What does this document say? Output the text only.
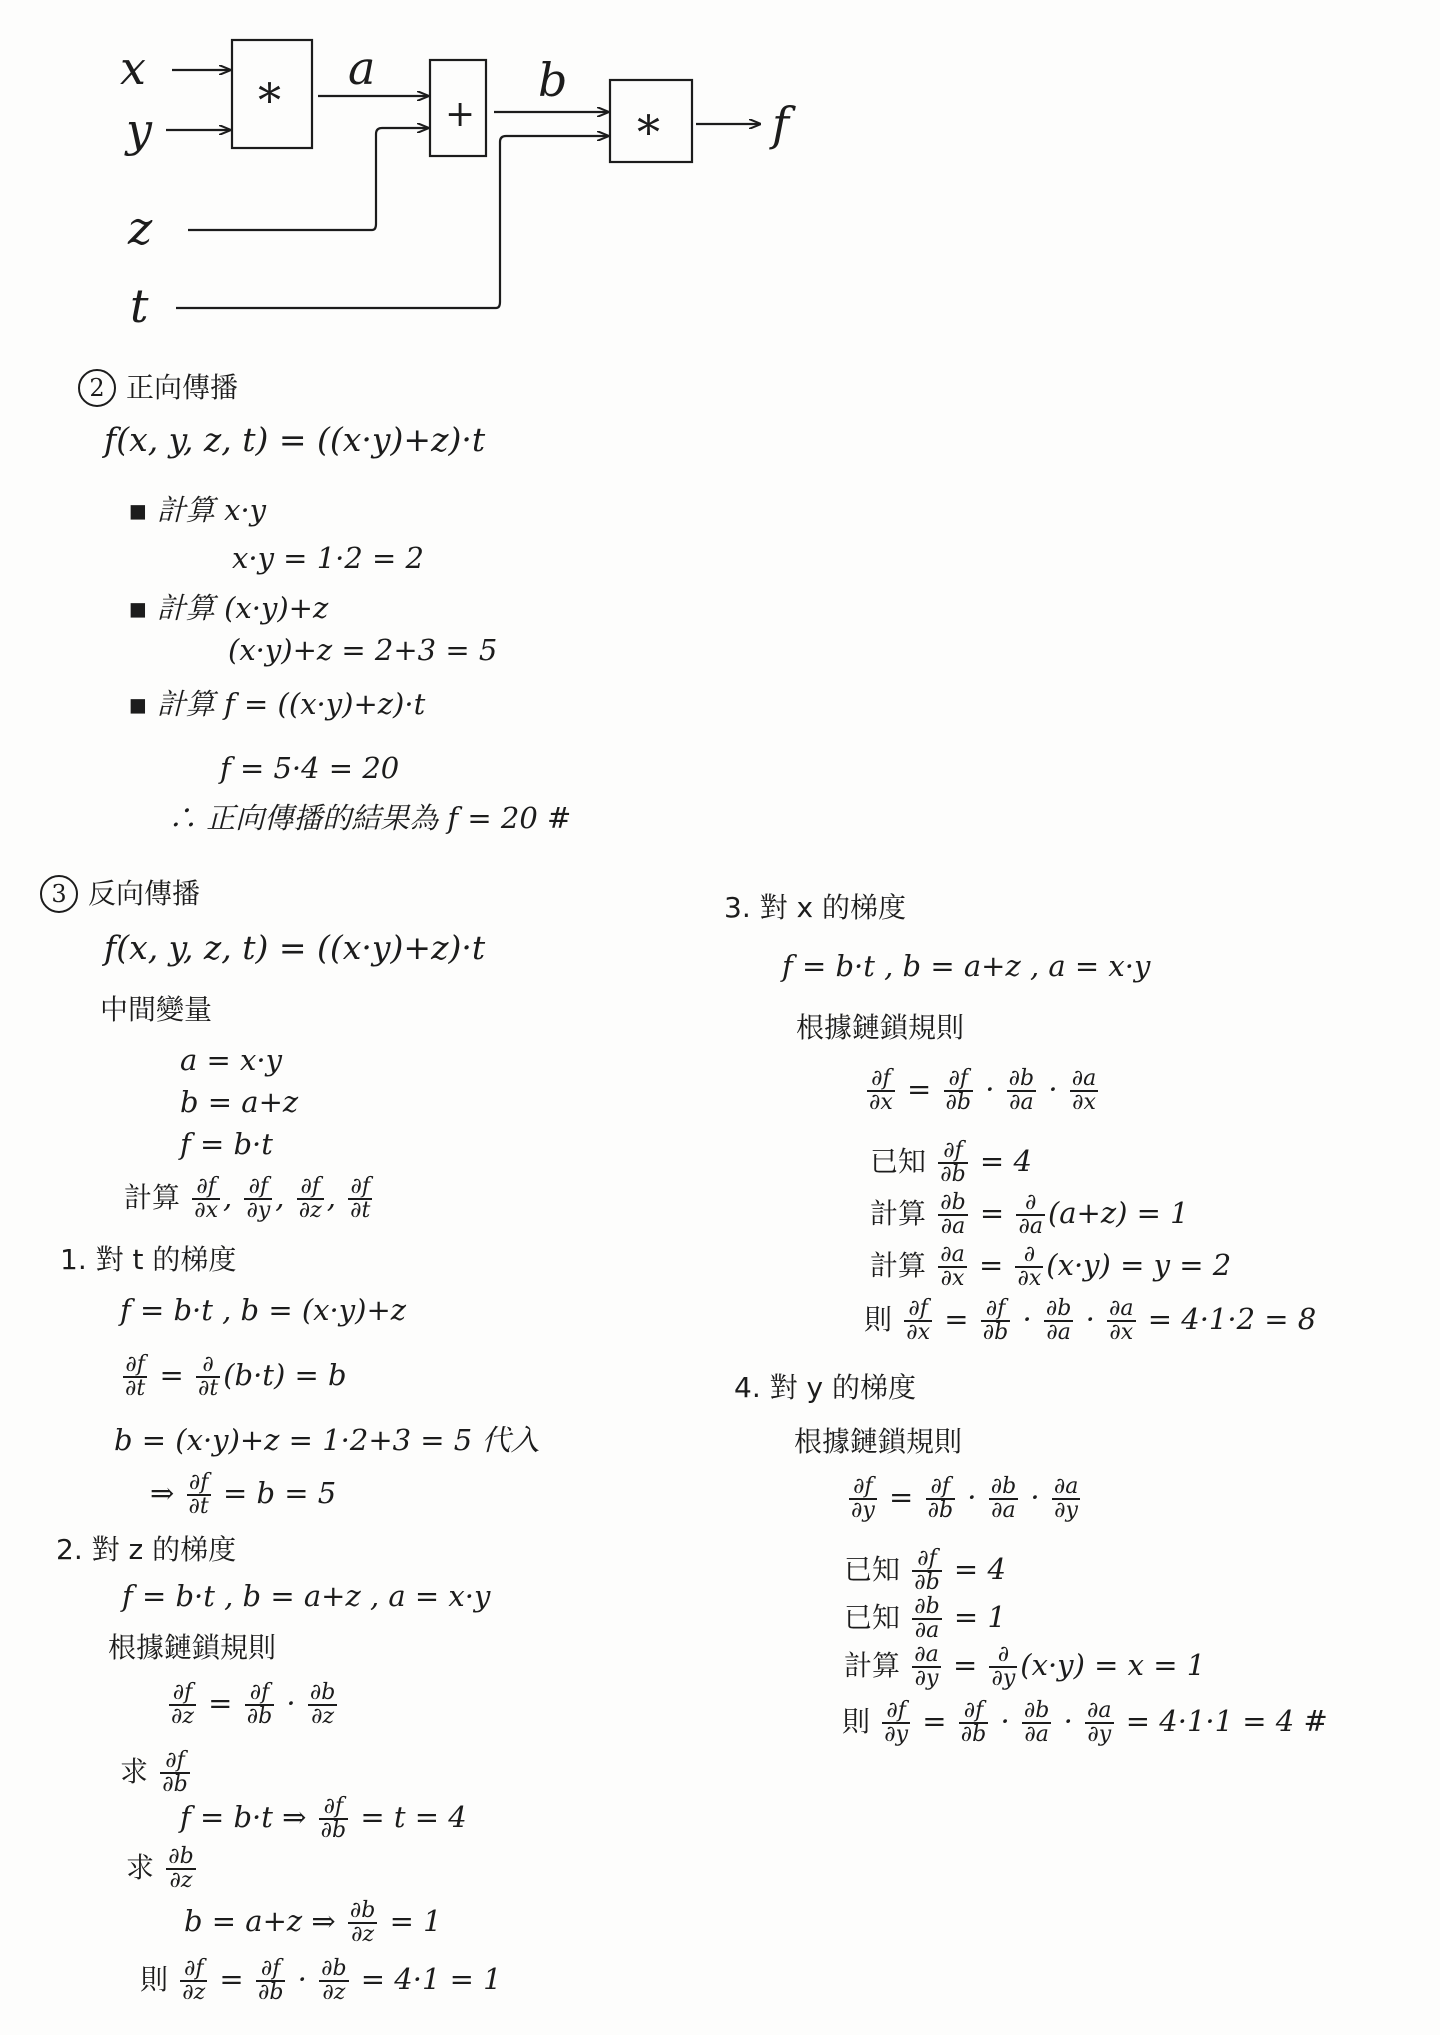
x
y
z
t
a	b
*	+	* f
2 正向傳播
f(x, y, z, t) = ((x·y)+z)·t
▪ 計算 x·y
x·y = 1·2 = 2
▪ 計算 (x·y)+z
(x·y)+z = 2+3 = 5
▪ 計算 f = ((x·y)+z)·t
f = 5·4 = 20
∴ 正向傳播的結果為 f = 20 #
3 反向傳播
f(x, y, z, t) = ((x·y)+z)·t
中間變量
a = x·y
b = a+z
f = b·t
計算 $\frac{\partial f}{\partial x}$ , $\frac{\partial f}{\partial y}$ , $\frac{\partial f}{\partial z}$ , $\frac{\partial f}{\partial t}$
1. 對 t 的梯度
f = b·t , b = (x·y)+z
$\frac{\partial f}{\partial t} = \frac{\partial}{\partial t} (b\cdot t) = b$
b = (x·y)+z = 1·2+3 = 5 代入
⇒ $\frac{\partial f}{\partial t} = b = 5$
2. 對 z 的梯度
f = b·t , b = a+z , a = x·y
根據鏈鎖規則
$\frac{\partial f}{\partial z} = \frac{\partial f}{\partial b} \cdot \frac{\partial b}{\partial z}$
求 $\frac{\partial f}{\partial b}$
f = b·t ⇒ $\frac{\partial f}{\partial b} = t = 4$
求 $\frac{\partial b}{\partial z}$
b = a+z ⇒ $\frac{\partial b}{\partial z} = 1$
則 $\frac{\partial f}{\partial z} = \frac{\partial f}{\partial b} \cdot \frac{\partial b}{\partial z} = 4\cdot 1 = 1$
3. 對 x 的梯度
f = b·t , b = a+z , a = x·y
根據鏈鎖規則
$\frac{\partial f}{\partial x} = \frac{\partial f}{\partial b} \cdot \frac{\partial b}{\partial a} \cdot \frac{\partial a}{\partial x}$
已知 $\frac{\partial f}{\partial b} = 4$
計算 $\frac{\partial b}{\partial a} = \frac{\partial}{\partial a} (a+z) = 1$
計算 $\frac{\partial a}{\partial x} = \frac{\partial}{\partial x} (x\cdot y) = y = 2$
則 $\frac{\partial f}{\partial x} = \frac{\partial f}{\partial b} \cdot \frac{\partial b}{\partial a} \cdot \frac{\partial a}{\partial x} = 4\cdot 1\cdot 2 = 8$
4. 對 y 的梯度
根據鏈鎖規則
$\frac{\partial f}{\partial y} = \frac{\partial f}{\partial b} \cdot \frac{\partial b}{\partial a} \cdot \frac{\partial a}{\partial y}$
已知 $\frac{\partial f}{\partial b} = 4$
已知 $\frac{\partial b}{\partial a} = 1$
計算 $\frac{\partial a}{\partial y} = \frac{\partial}{\partial y} (x\cdot y) = x = 1$
則 $\frac{\partial f}{\partial y} = \frac{\partial f}{\partial b} \cdot \frac{\partial b}{\partial a} \cdot \frac{\partial a}{\partial y} = 4\cdot 1\cdot 1 = 4$ #
